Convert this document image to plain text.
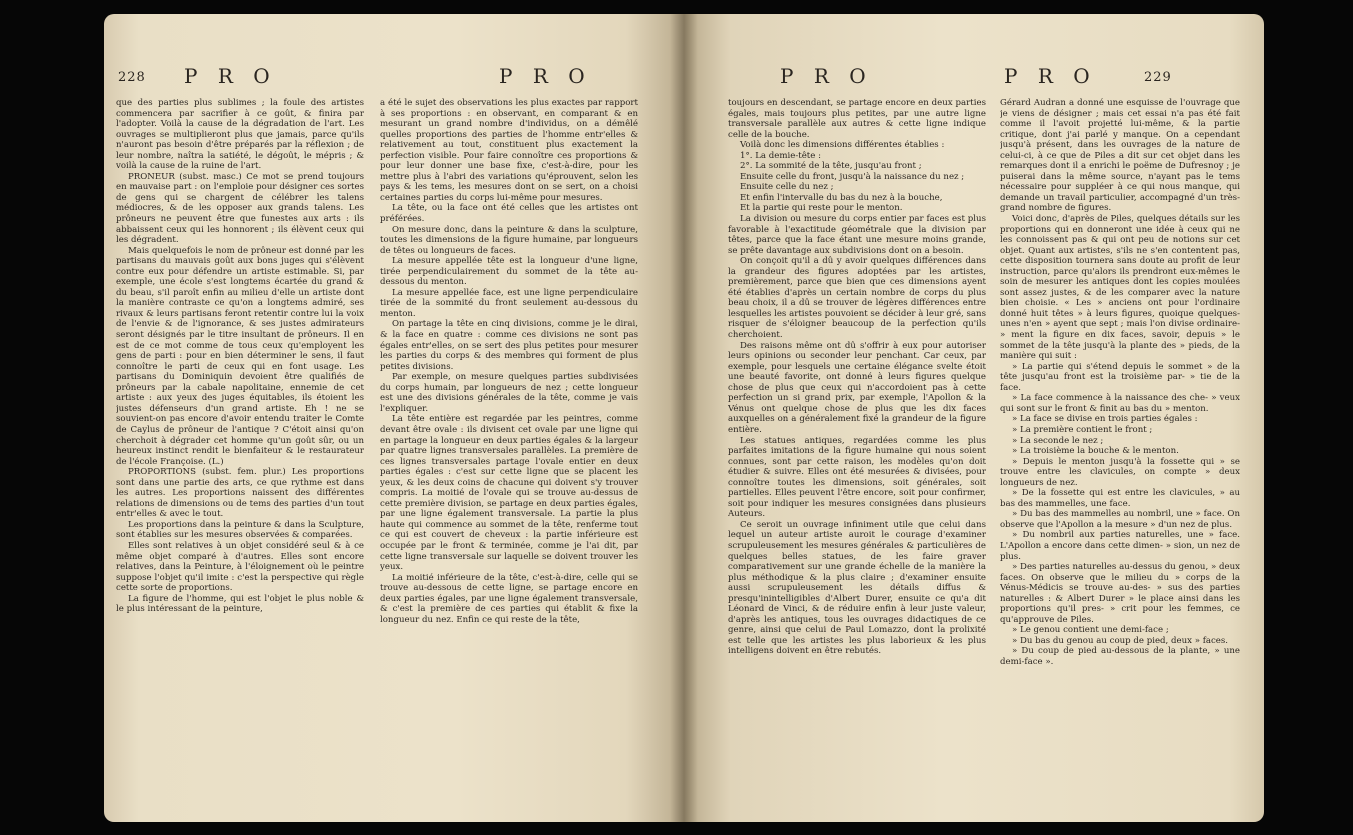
228 P R O	P R O

que des parties plus sublimes ; la foule des artistes commencera par sacrifier à ce goût, & finira par l'adopter. Voilà la cause de la dégradation de l'art. Les ouvrages se multiplieront plus que jamais, parce qu'ils n'auront pas besoin d'être préparés par la réflexion ; de leur nombre, naîtra la satiété, le dégoût, le mépris ; & voilà la cause de la ruine de l'art.

PRONEUR (subst. masc.) Ce mot se prend toujours en mauvaise part : on l'emploie pour désigner ces sortes de gens qui se chargent de célébrer les talens médiocres, & de les opposer aux grands talens. Les prôneurs ne peuvent être que funestes aux arts : ils abbaissent ceux qui les honnorent ; ils élèvent ceux qui les dégradent.

Mais quelquefois le nom de prôneur est donné par les partisans du mauvais goût aux bons juges qui s'élèvent contre eux pour défendre un artiste estimable. Si, par exemple, une école s'est longtems écartée du grand & du beau, s'il paroît enfin au milieu d'elle un artiste dont la manière contraste ce qu'on a longtems admiré, ses rivaux & leurs partisans feront retentir contre lui la voix de l'envie & de l'ignorance, & ses justes admirateurs seront désignés par le titre insultant de prôneurs. Il en est de ce mot comme de tous ceux qu'employent les gens de parti : pour en bien déterminer le sens, il faut connoître le parti de ceux qui en font usage. Les partisans du Dominiquin devoient être qualifiés de prôneurs par la cabale napolitaine, ennemie de cet artiste : aux yeux des juges équitables, ils étoient les justes défenseurs d'un grand artiste. Eh ! ne se souvient-on pas encore d'avoir entendu traiter le Comte de Caylus de prôneur de l'antique ? C'étoit ainsi qu'on cherchoit à dégrader cet homme qu'un goût sûr, ou un heureux instinct rendit le bienfaiteur & le restaurateur de l'école Françoise. (L.)

PROPORTIONS (subst. fem. plur.) Les proportions sont dans une partie des arts, ce que rythme est dans les autres. Les proportions naissent des différentes relations de dimensions ou de tems des parties d'un tout entr'elles & avec le tout.

Les proportions dans la peinture & dans la Sculpture, sont établies sur les mesures observées & comparées.

Elles sont relatives à un objet considéré seul & à ce même objet comparé à d'autres. Elles sont encore relatives, dans la Peinture, à l'éloignement où le peintre suppose l'objet qu'il imite : c'est la perspective qui règle cette sorte de proportions.

La figure de l'homme, qui est l'objet le plus noble & le plus intéressant de la peinture,

a été le sujet des observations les plus exactes par rapport à ses proportions : en observant, en comparant & en mesurant un grand nombre d'individus, on a démêlé quelles proportions des parties de l'homme entr'elles & relativement au tout, constituent plus exactement la perfection visible. Pour faire connoître ces proportions & pour leur donner une base fixe, c'est-à-dire, pour les mettre plus à l'abri des variations qu'éprouvent, selon les pays & les tems, les mesures dont on se sert, on a choisi certaines parties du corps lui-même pour mesures.

La tête, ou la face ont été celles que les artistes ont préférées.

On mesure donc, dans la peinture & dans la sculpture, toutes les dimensions de la figure humaine, par longueurs de têtes ou longueurs de faces.

La mesure appellée tête est la longueur d'une ligne, tirée perpendiculairement du sommet de la tête au-dessous du menton.

La mesure appellée face, est une ligne perpendiculaire tirée de la sommité du front seulement au-dessous du menton.

On partage la tête en cinq divisions, comme je le dirai, & la face en quatre : comme ces divisions ne sont pas égales entr'elles, on se sert des plus petites pour mesurer les parties du corps & des membres qui forment de plus petites divisions.

Par exemple, on mesure quelques parties subdivisées du corps humain, par longueurs de nez ; cette longueur est une des divisions générales de la tête, comme je vais l'expliquer.

La tête entière est regardée par les peintres, comme devant être ovale : ils divisent cet ovale par une ligne qui en partage la longueur en deux parties égales & la largeur par quatre lignes transversales parallèles. La première de ces lignes transversales partage l'ovale entier en deux parties égales : c'est sur cette ligne que se placent les yeux, & les deux coins de chacune qui doivent s'y trouver compris. La moitié de l'ovale qui se trouve au-dessus de cette première division, se partage en deux parties égales, par une ligne également transversale. La partie la plus haute qui commence au sommet de la tête, renferme tout ce qui est couvert de cheveux : la partie inférieure est occupée par le front & terminée, comme je l'ai dit, par cette ligne transversale sur laquelle se doivent trouver les yeux.

La moitié inférieure de la tête, c'est-à-dire, celle qui se trouve au-dessous de cette ligne, se partage encore en deux parties égales, par une ligne également transversale, & c'est la première de ces parties qui établit & fixe la longueur du nez. Enfin ce qui reste de la tête,

P R O	P R O	229

toujours en descendant, se partage encore en deux parties égales, mais toujours plus petites, par une autre ligne transversale parallèle aux autres & cette ligne indique celle de la bouche.

Voilà donc les dimensions différentes établies :

1°. La demie-tête :

2°. La sommité de la tête, jusqu'au front ;

Ensuite celle du front, jusqu'à la naissance du nez ;

Ensuite celle du nez ;

Et enfin l'intervalle du bas du nez à la bouche,

Et la partie qui reste pour le menton.

La division ou mesure du corps entier par faces est plus favorable à l'exactitude géométrale que la division par têtes, parce que la face étant une mesure moins grande, se prête davantage aux subdivisions dont on a besoin.

On conçoit qu'il a dû y avoir quelques différences dans la grandeur des figures adoptées par les artistes, premièrement, parce que bien que ces dimensions ayent été établies d'après un certain nombre de corps du plus beau choix, il a dû se trouver de légères différences entre lesquelles les artistes pouvoient se décider à leur gré, sans risquer de s'éloigner beaucoup de la perfection qu'ils cherchoient.

Des raisons même ont dû s'offrir à eux pour autoriser leurs opinions ou seconder leur penchant. Car ceux, par exemple, pour lesquels une certaine élégance svelte étoit une beauté favorite, ont donné à leurs figures quelque chose de plus que ceux qui n'accordoient pas à cette perfection un si grand prix, par exemple, l'Apollon & la Vénus ont quelque chose de plus que les dix faces auxquelles on a généralement fixé la grandeur de la figure entière.

Les statues antiques, regardées comme les plus parfaites imitations de la figure humaine qui nous soient connues, sont par cette raison, les modèles qu'on doit étudier & suivre. Elles ont été mesurées & divisées, pour connoître toutes les dimensions, soit générales, soit partielles. Elles peuvent l'être encore, soit pour confirmer, soit pour indiquer les mesures consignées dans plusieurs Auteurs.

Ce seroit un ouvrage infiniment utile que celui dans lequel un auteur artiste auroit le courage d'examiner scrupuleusement les mesures générales & particulières de quelques belles statues, de les faire graver comparativement sur une grande échelle de la manière la plus méthodique & la plus claire ; d'examiner ensuite aussi scrupuleusement les détails diffus & presqu'inintelligibles d'Albert Durer, ensuite ce qu'a dit Léonard de Vinci, & de réduire enfin à leur juste valeur, d'après les antiques, tous les ouvrages didactiques de ce genre, ainsi que celui de Paul Lomazzo, dont la prolixité est telle que les artistes les plus laborieux & les plus intelligens doivent en être rebutés.

Gérard Audran a donné une esquisse de l'ouvrage que je viens de désigner ; mais cet essai n'a pas été fait comme il l'avoit projetté lui-même, & la partie critique, dont j'ai parlé y manque. On a cependant jusqu'à présent, dans les ouvrages de la nature de celui-ci, à ce que de Piles a dit sur cet objet dans les remarques dont il a enrichi le poëme de Dufresnoy ; je puiserai dans la même source, n'ayant pas le tems nécessaire pour suppléer à ce qui nous manque, qui demande un travail particulier, accompagné d'un très-grand nombre de figures.

Voici donc, d'après de Piles, quelques détails sur les proportions qui en donneront une idée à ceux qui ne les connoissent pas & qui ont peu de notions sur cet objet. Quant aux artistes, s'ils ne s'en contentent pas, cette disposition tournera sans doute au profit de leur instruction, parce qu'alors ils prendront eux-mêmes le soin de mesurer les antiques dont les copies moulées sont assez justes, & de les comparer avec la nature bien choisie. « Les » anciens ont pour l'ordinaire donné huit têtes » à leurs figures, quoique quelques-unes n'en » ayent que sept ; mais l'on divise ordinaire- » ment la figure en dix faces, savoir, depuis » le sommet de la tête jusqu'à la plante des » pieds, de la manière qui suit :

» La partie qui s'étend depuis le sommet » de la tête jusqu'au front est la troisième par- » tie de la face.

» La face commence à la naissance des che- » veux qui sont sur le front & finit au bas du » menton.

» La face se divise en trois parties égales :

» La première contient le front ;

» La seconde le nez ;

» La troisième la bouche & le menton.

» Depuis le menton jusqu'à la fossette qui » se trouve entre les clavicules, on compte » deux longueurs de nez.

» De la fossette qui est entre les clavicules, » au bas des mammelles, une face.

» Du bas des mammelles au nombril, une » face. On observe que l'Apollon a la mesure » d'un nez de plus.

» Du nombril aux parties naturelles, une » face. L'Apollon a encore dans cette dimen- » sion, un nez de plus.

» Des parties naturelles au-dessus du genou, » deux faces. On observe que le milieu du » corps de la Vénus-Médicis se trouve au-des- » sus des parties naturelles : & Albert Durer » le place ainsi dans les proportions qu'il pres- » crit pour les femmes, ce qu'approuve de Piles.

» Le genou contient une demi-face ;

» Du bas du genou au coup de pied, deux » faces.

» Du coup de pied au-dessous de la plante, » une demi-face ».
